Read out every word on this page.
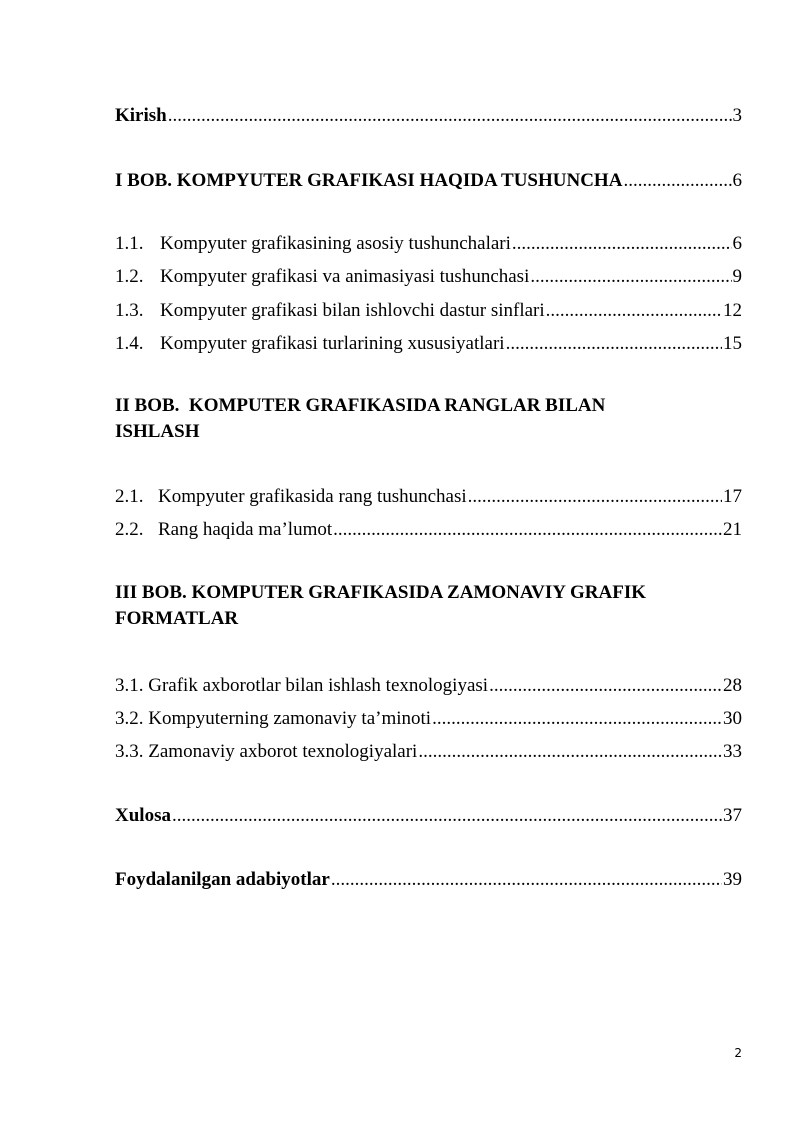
Kirish .....	3
I BOB. KOMPYUTER GRAFIKASI HAQIDA TUSHUNCHA .....	6
1.1. Kompyuter grafikasining asosiy tushunchalari .....	6
1.2. Kompyuter grafikasi va animasiyasi tushunchasi .....	9
1.3. Kompyuter grafikasi bilan ishlovchi dastur sinflari .....	12
1.4. Kompyuter grafikasi turlarining xususiyatlari .....	15
II BOB.  KOMPUTER GRAFIKASIDA RANGLAR BILAN
ISHLASH
2.1. Kompyuter grafikasida rang tushunchasi .....	17
2.2. Rang haqida ma’lumot .....	21
III BOB. KOMPUTER GRAFIKASIDA ZAMONAVIY GRAFIK
FORMATLAR
3.1. Grafik axborotlar bilan ishlash texnologiyasi .....	28
3.2. Kompyuterning zamonaviy ta’minoti .....	30
3.3. Zamonaviy axborot texnologiyalari .....	33
Xulosa .....	37
Foydalanilgan adabiyotlar .....	39
2
